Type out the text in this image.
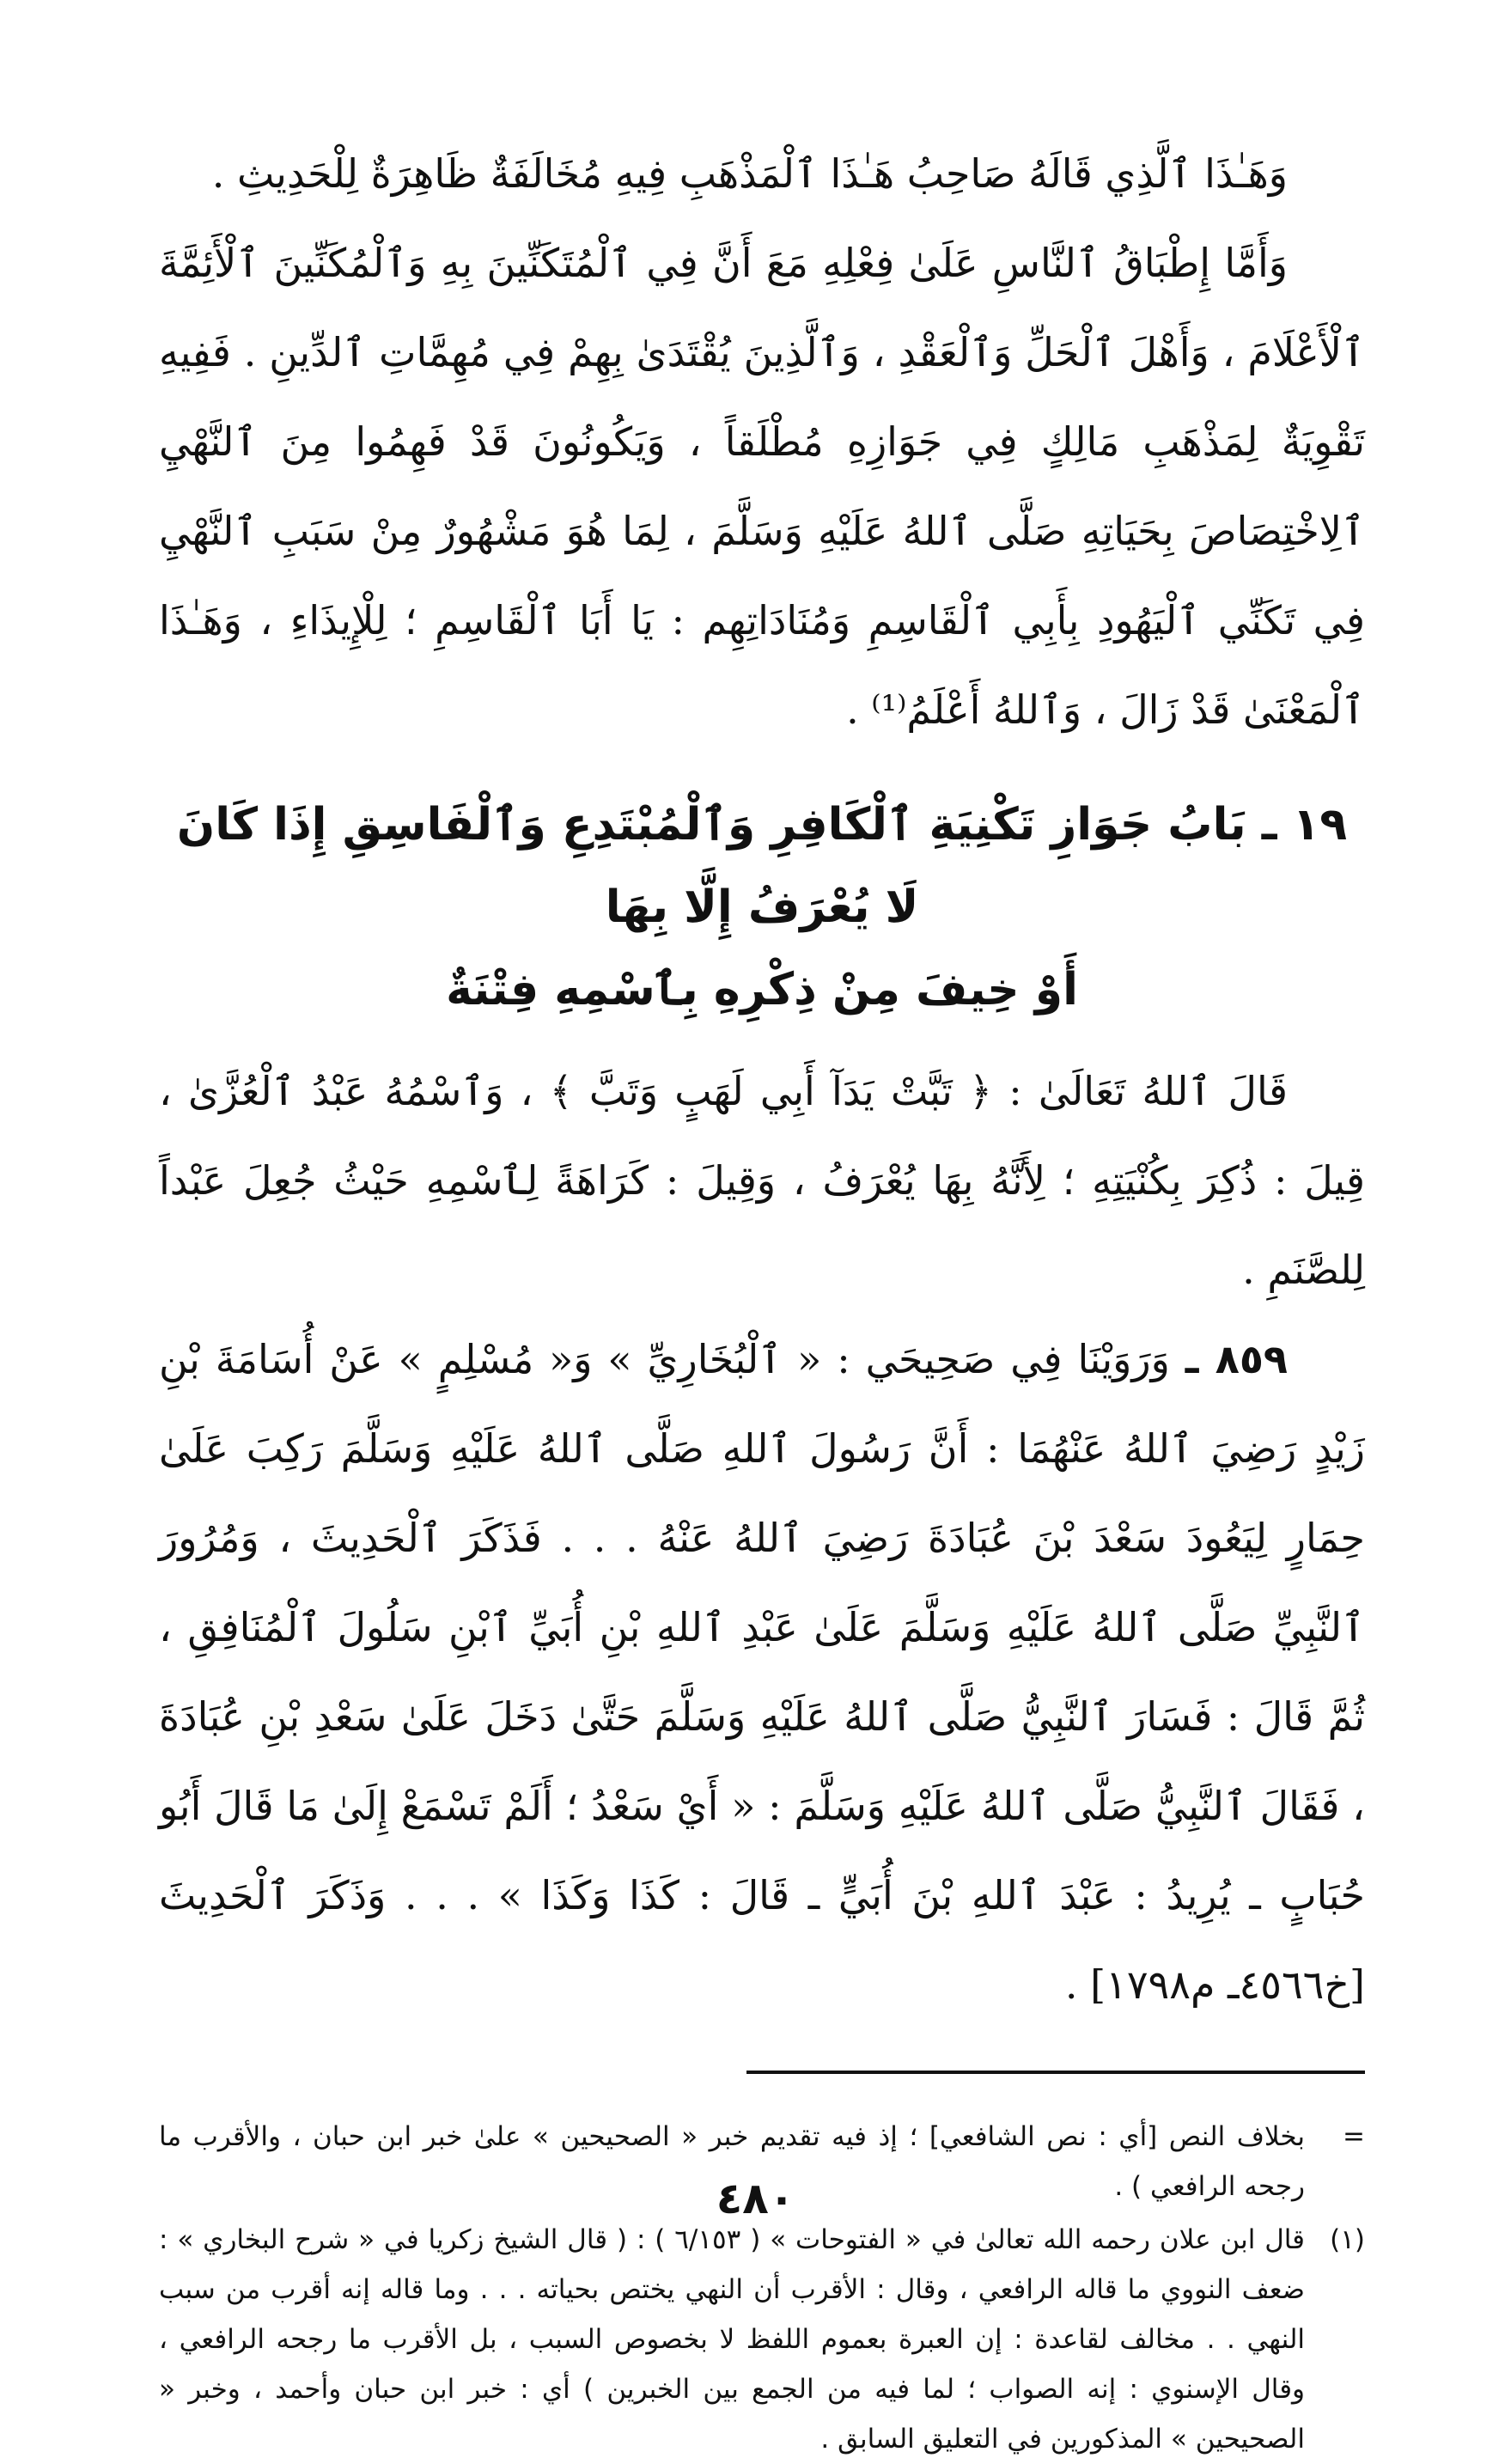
وَهَـٰذَا ٱلَّذِي قَالَهُ صَاحِبُ هَـٰذَا ٱلْمَذْهَبِ فِيهِ مُخَالَفَةٌ ظَاهِرَةٌ لِلْحَدِيثِ .

وَأَمَّا إِطْبَاقُ ٱلنَّاسِ عَلَىٰ فِعْلِهِ مَعَ أَنَّ فِي ٱلْمُتَكَنِّينَ بِهِ وَٱلْمُكَنِّينَ ٱلْأَئِمَّةَ ٱلْأَعْلَامَ ، وَأَهْلَ ٱلْحَلِّ وَٱلْعَقْدِ ، وَٱلَّذِينَ يُقْتَدَىٰ بِهِمْ فِي مُهِمَّاتِ ٱلدِّينِ . فَفِيهِ تَقْوِيَةٌ لِمَذْهَبِ مَالِكٍ فِي جَوَازِهِ مُطْلَقاً ، وَيَكُونُونَ قَدْ فَهِمُوا مِنَ ٱلنَّهْيِ ٱلِاخْتِصَاصَ بِحَيَاتِهِ صَلَّى ٱللهُ عَلَيْهِ وَسَلَّمَ ، لِمَا هُوَ مَشْهُورٌ مِنْ سَبَبِ ٱلنَّهْيِ فِي تَكَنِّي ٱلْيَهُودِ بِأَبِي ٱلْقَاسِمِ وَمُنَادَاتِهِم : يَا أَبَا ٱلْقَاسِمِ ؛ لِلْإِيذَاءِ ، وَهَـٰذَا ٱلْمَعْنَىٰ قَدْ زَالَ ، وَٱللهُ أَعْلَمُ⁽¹⁾ .

١٩ ـ بَابُ جَوَازِ تَكْنِيَةِ ٱلْكَافِرِ وَٱلْمُبْتَدِعِ وَٱلْفَاسِقِ إِذَا كَانَ لَا يُعْرَفُ إِلَّا بِهَا
أَوْ خِيفَ مِنْ ذِكْرِهِ بِٱسْمِهِ فِتْنَةٌ

قَالَ ٱللهُ تَعَالَىٰ : ﴿ تَبَّتْ يَدَآ أَبِي لَهَبٍ وَتَبَّ ﴾ ، وَٱسْمُهُ عَبْدُ ٱلْعُزَّىٰ ، قِيلَ : ذُكِرَ بِكُنْيَتِهِ ؛ لِأَنَّهُ بِهَا يُعْرَفُ ، وَقِيلَ : كَرَاهَةً لِٱسْمِهِ حَيْثُ جُعِلَ عَبْداً لِلصَّنَمِ .

٨٥٩ ـ وَرَوَيْنَا فِي صَحِيحَي : « ٱلْبُخَارِيِّ » وَ« مُسْلِمٍ » عَنْ أُسَامَةَ بْنِ زَيْدٍ رَضِيَ ٱللهُ عَنْهُمَا : أَنَّ رَسُولَ ٱللهِ صَلَّى ٱللهُ عَلَيْهِ وَسَلَّمَ رَكِبَ عَلَىٰ حِمَارٍ لِيَعُودَ سَعْدَ بْنَ عُبَادَةَ رَضِيَ ٱللهُ عَنْهُ . . . فَذَكَرَ ٱلْحَدِيثَ ، وَمُرُورَ ٱلنَّبِيِّ صَلَّى ٱللهُ عَلَيْهِ وَسَلَّمَ عَلَىٰ عَبْدِ ٱللهِ بْنِ أُبَيِّ ٱبْنِ سَلُولَ ٱلْمُنَافِقِ ، ثُمَّ قَالَ : فَسَارَ ٱلنَّبِيُّ صَلَّى ٱللهُ عَلَيْهِ وَسَلَّمَ حَتَّىٰ دَخَلَ عَلَىٰ سَعْدِ بْنِ عُبَادَةَ ، فَقَالَ ٱلنَّبِيُّ صَلَّى ٱللهُ عَلَيْهِ وَسَلَّمَ : « أَيْ سَعْدُ ؛ أَلَمْ تَسْمَعْ إِلَىٰ مَا قَالَ أَبُو حُبَابٍ ـ يُرِيدُ : عَبْدَ ٱللهِ بْنَ أُبَيٍّ ـ قَالَ : كَذَا وَكَذَا » . . . وَذَكَرَ ٱلْحَدِيثَ [خ٤٥٦٦ـ م١٧٩٨] .

=
بخلاف النص [أي : نص الشافعي] ؛ إذ فيه تقديم خبر « الصحيحين » علىٰ خبر ابن حبان ، والأقرب ما رجحه الرافعي ) .
(١)
قال ابن علان رحمه الله تعالىٰ في « الفتوحات » ( ٦/١٥٣ ) : ( قال الشيخ زكريا في « شرح البخاري » : ضعف النووي ما قاله الرافعي ، وقال : الأقرب أن النهي يختص بحياته . . . وما قاله إنه أقرب من سبب النهي . . مخالف لقاعدة : إن العبرة بعموم اللفظ لا بخصوص السبب ، بل الأقرب ما رجحه الرافعي ، وقال الإسنوي : إنه الصواب ؛ لما فيه من الجمع بين الخبرين ) أي : خبر ابن حبان وأحمد ، وخبر « الصحيحين » المذكورين في التعليق السابق .
٤٨٠
